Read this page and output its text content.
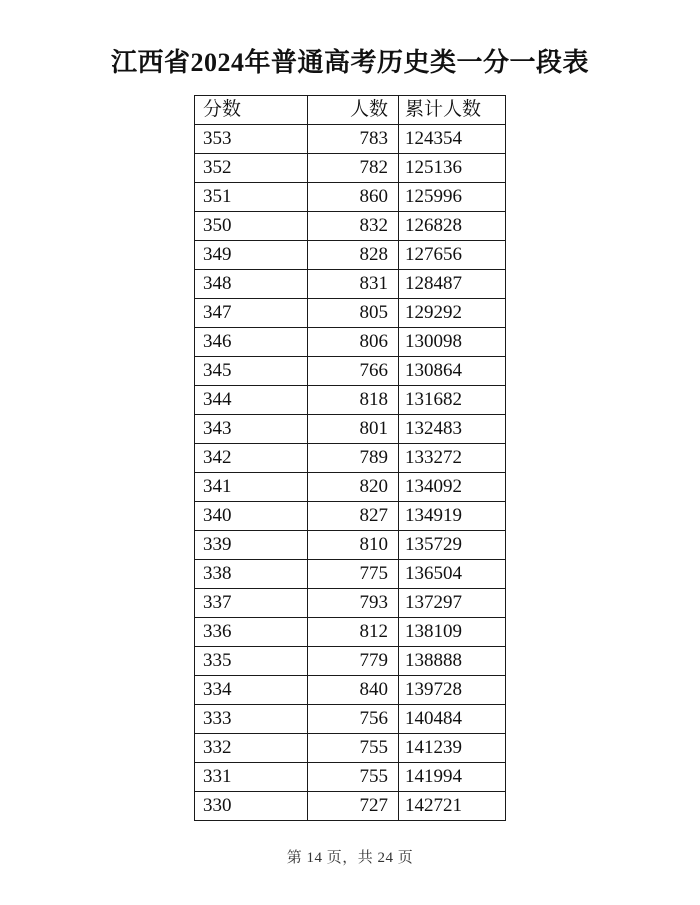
江西省2024年普通高考历史类一分一段表
分数	人数	累计人数
353	783	124354
352	782	125136
351	860	125996
350	832	126828
349	828	127656
348	831	128487
347	805	129292
346	806	130098
345	766	130864
344	818	131682
343	801	132483
342	789	133272
341	820	134092
340	827	134919
339	810	135729
338	775	136504
337	793	137297
336	812	138109
335	779	138888
334	840	139728
333	756	140484
332	755	141239
331	755	141994
330	727	142721
第 14 页，共 24 页
